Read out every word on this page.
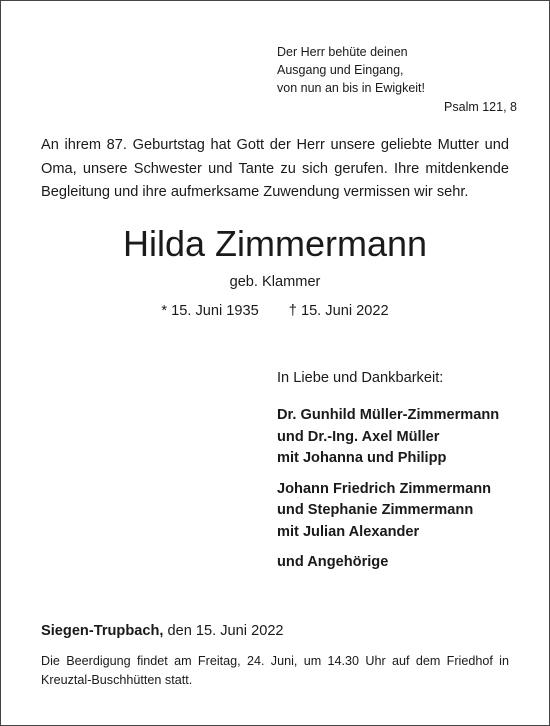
Der Herr behüte deinen
Ausgang und Eingang,
von nun an bis in Ewigkeit!
Psalm 121, 8
An ihrem 87. Geburtstag hat Gott der Herr unsere geliebte Mutter und Oma, unsere Schwester und Tante zu sich gerufen. Ihre mitdenkende Begleitung und ihre aufmerksame Zuwendung vermissen wir sehr.
Hilda Zimmermann
geb. Klammer
* 15. Juni 1935 † 15. Juni 2022
In Liebe und Dankbarkeit:
Dr. Gunhild Müller-Zimmermann
und Dr.-Ing. Axel Müller
mit Johanna und Philipp
Johann Friedrich Zimmermann
und Stephanie Zimmermann
mit Julian Alexander
und Angehörige
Siegen-Trupbach, den 15. Juni 2022
Die Beerdigung findet am Freitag, 24. Juni, um 14.30 Uhr auf dem Friedhof in Kreuztal-Buschhütten statt.
